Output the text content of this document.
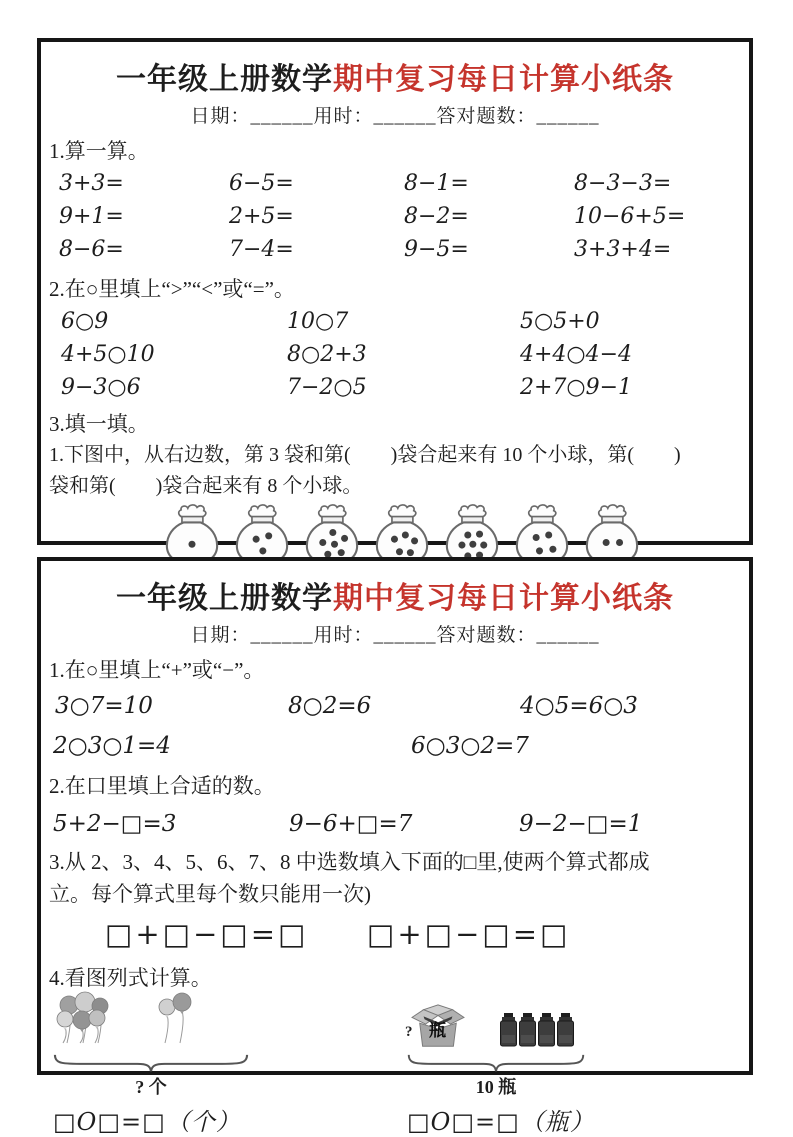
一年级上册数学期中复习每日计算小纸条
日期：______用时：______答对题数：______
1.算一算。
3+3=	6−5=	8−1=	8−3−3=
9+1=	2+5=	8−2=	10−6+5=
8−6=	7−4=	9−5=	3+3+4=
2.在○里填上“>”“<”或“=”。
6○9	10○7	5○5+0
4+5○10	8○2+3	4+4○4−4
9−3○6	7−2○5	2+7○9−1
3.填一填。
1.下图中，从右边数，第 3 袋和第(　　)袋合起来有 10 个小球，第(　　)
袋和第(　　)袋合起来有 8 个小球。
一年级上册数学期中复习每日计算小纸条
日期：______用时：______答对题数：______
1.在○里填上“+”或“−”。
3○7=10	8○2=6	4○5=6○3
2○3○1=4	6○3○2=7
2.在口里填上合适的数。
5+2−□=3	9−6+□=7	9−2−□=1
3.从 2、3、4、5、6、7、8 中选数填入下面的□里,使两个算式都成
立。每个算式里每个数只能用一次)
□+□−□=□	□+□−□=□
4.看图列式计算。
? 个
□O□=□（个）
? 瓶
10 瓶
□O□=□（瓶）
